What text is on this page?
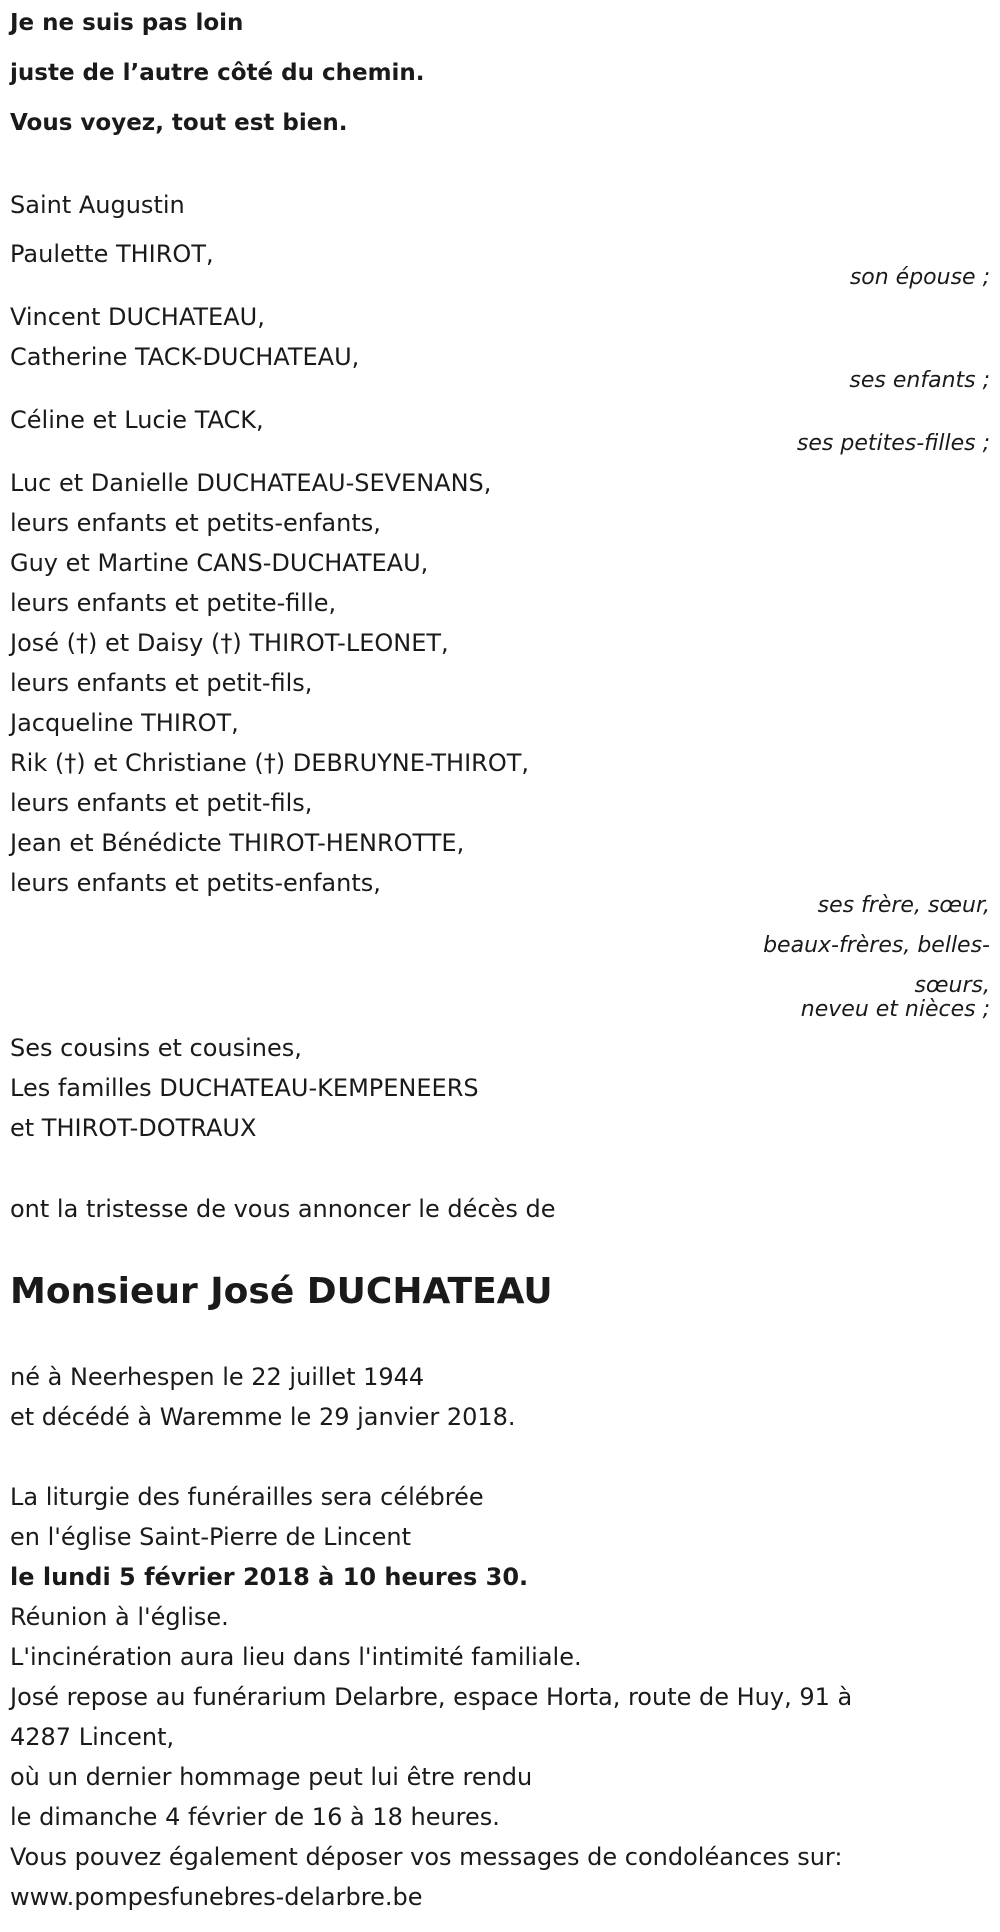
Je ne suis pas loin
juste de l’autre côté du chemin.
Vous voyez, tout est bien.
Saint Augustin
Paulette THIROT,
son épouse ;
Vincent DUCHATEAU,
Catherine TACK-DUCHATEAU,
ses enfants ;
Céline et Lucie TACK,
ses petites-filles ;
Luc et Danielle DUCHATEAU-SEVENANS,
leurs enfants et petits-enfants,
Guy et Martine CANS-DUCHATEAU,
leurs enfants et petite-fille,
José (†) et Daisy (†) THIROT-LEONET,
leurs enfants et petit-fils,
Jacqueline THIROT,
Rik (†) et Christiane (†) DEBRUYNE-THIROT,
leurs enfants et petit-fils,
Jean et Bénédicte THIROT-HENROTTE,
leurs enfants et petits-enfants,
ses frère, sœur,
beaux-frères, belles-
sœurs,
neveu et nièces ;
Ses cousins et cousines,
Les familles DUCHATEAU-KEMPENEERS
et THIROT-DOTRAUX
ont la tristesse de vous annoncer le décès de
Monsieur José DUCHATEAU
né à Neerhespen le 22 juillet 1944
et décédé à Waremme le 29 janvier 2018.
La liturgie des funérailles sera célébrée
en l'église Saint-Pierre de Lincent
le lundi 5 février 2018 à 10 heures 30.
Réunion à l'église.
L'incinération aura lieu dans l'intimité familiale.
José repose au funérarium Delarbre, espace Horta, route de Huy, 91 à
4287 Lincent,
où un dernier hommage peut lui être rendu
le dimanche 4 février de 16 à 18 heures.
Vous pouvez également déposer vos messages de condoléances sur:
www.pompesfunebres-delarbre.be
